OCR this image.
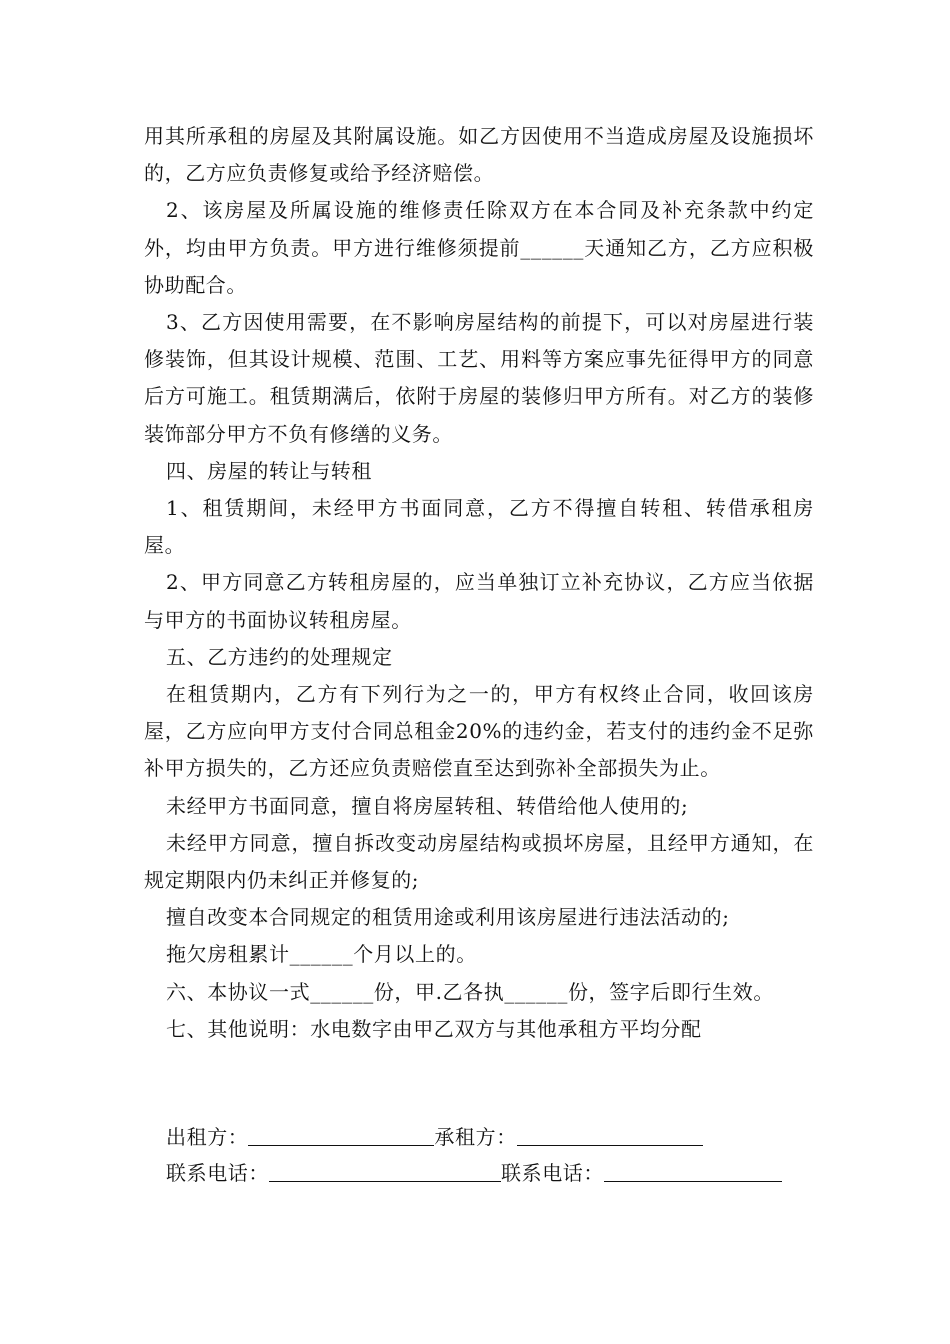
用其所承租的房屋及其附属设施。如乙方因使用不当造成房屋及设施损坏的，乙方应负责修复或给予经济赔偿。

2、该房屋及所属设施的维修责任除双方在本合同及补充条款中约定外，均由甲方负责。甲方进行维修须提前______天通知乙方，乙方应积极协助配合。

3、乙方因使用需要，在不影响房屋结构的前提下，可以对房屋进行装修装饰，但其设计规模、范围、工艺、用料等方案应事先征得甲方的同意后方可施工。租赁期满后，依附于房屋的装修归甲方所有。对乙方的装修装饰部分甲方不负有修缮的义务。

四、房屋的转让与转租

1、租赁期间，未经甲方书面同意，乙方不得擅自转租、转借承租房屋。

2、甲方同意乙方转租房屋的，应当单独订立补充协议，乙方应当依据与甲方的书面协议转租房屋。

五、乙方违约的处理规定

在租赁期内，乙方有下列行为之一的，甲方有权终止合同，收回该房屋，乙方应向甲方支付合同总租金20%的违约金，若支付的违约金不足弥补甲方损失的，乙方还应负责赔偿直至达到弥补全部损失为止。

未经甲方书面同意，擅自将房屋转租、转借给他人使用的;

未经甲方同意，擅自拆改变动房屋结构或损坏房屋，且经甲方通知，在规定期限内仍未纠正并修复的;

擅自改变本合同规定的租赁用途或利用该房屋进行违法活动的;

拖欠房租累计______个月以上的。

六、本协议一式______份，甲.乙各执______份，签字后即行生效。

七、其他说明：水电数字由甲乙双方与其他承租方平均分配

出租方：	承租方：
联系电话：	联系电话：
